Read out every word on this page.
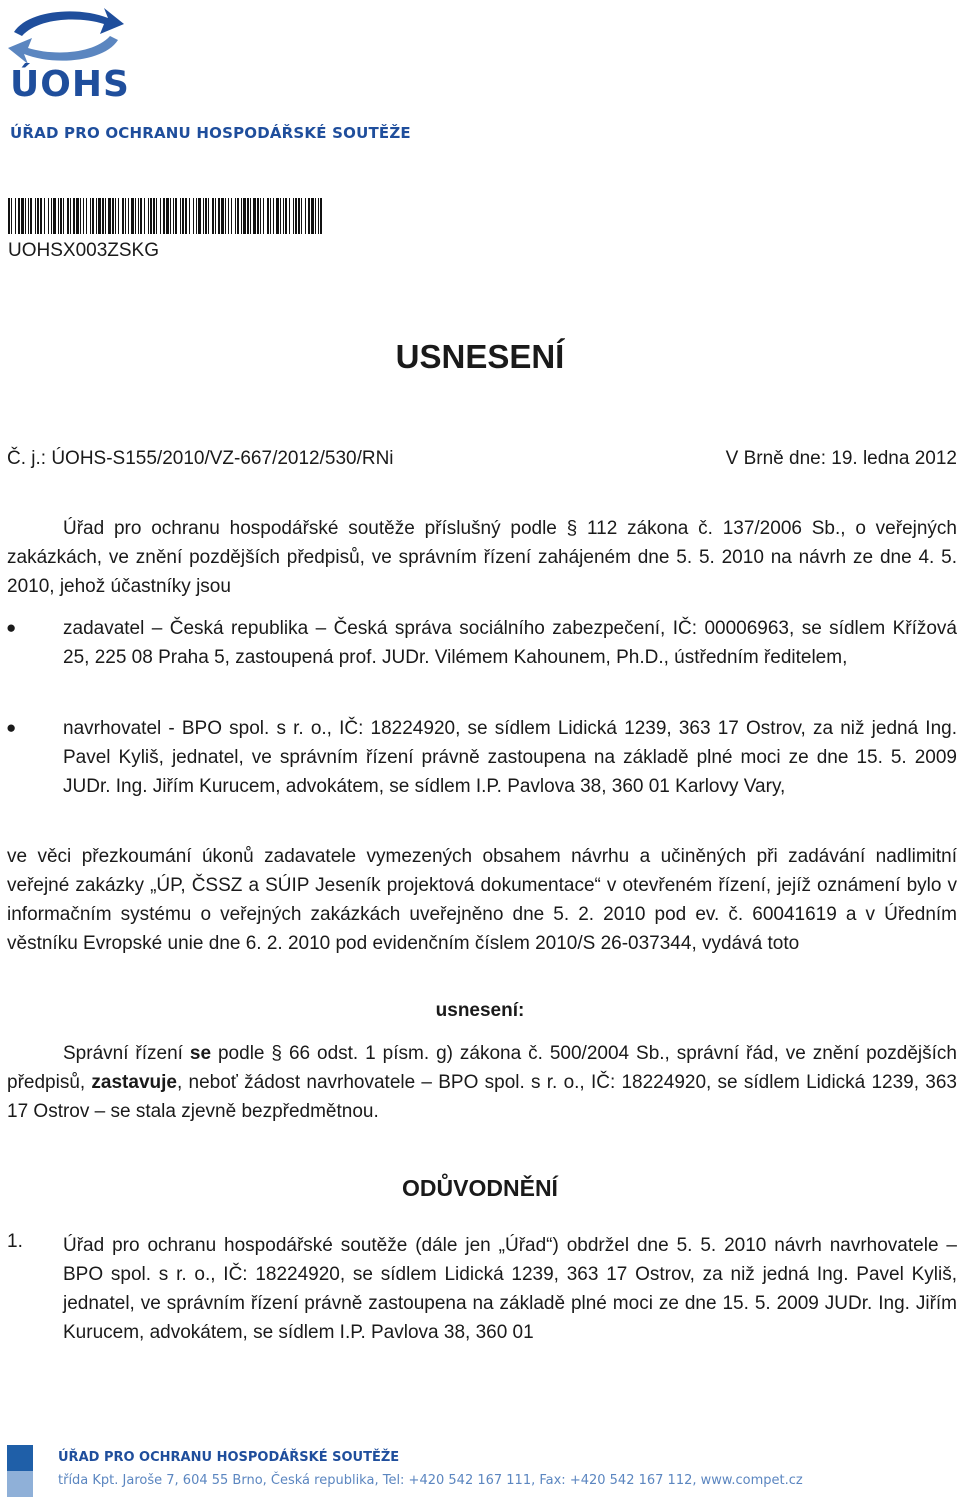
ÚOHS
ÚŘAD PRO OCHRANU HOSPODÁŘSKÉ SOUTĚŽE
UOHSX003ZSKG
USNESENÍ
Č. j.: ÚOHS-S155/2010/VZ-667/2012/530/RNi	V Brně dne: 19. ledna 2012

Úřad pro ochranu hospodářské soutěže příslušný podle § 112 zákona č. 137/2006 Sb., o veřejných zakázkách, ve znění pozdějších předpisů, ve správním řízení zahájeném dne 5. 5. 2010 na návrh ze dne 4. 5. 2010, jehož účastníky jsou

● zadavatel – Česká republika – Česká správa sociálního zabezpečení, IČ: 00006963, se sídlem Křížová 25, 225 08 Praha 5, zastoupená prof. JUDr. Vilémem Kahounem, Ph.D., ústředním ředitelem,

● navrhovatel - BPO spol. s r. o., IČ: 18224920, se sídlem Lidická 1239, 363 17 Ostrov, za niž jedná Ing. Pavel Kyliš, jednatel, ve správním řízení právně zastoupena na základě plné moci ze dne 15. 5. 2009 JUDr. Ing. Jiřím Kurucem, advokátem, se sídlem I.P. Pavlova 38, 360 01 Karlovy Vary,

ve věci přezkoumání úkonů zadavatele vymezených obsahem návrhu a učiněných při zadávání nadlimitní veřejné zakázky „ÚP, ČSSZ a SÚIP Jeseník projektová dokumentace“ v otevřeném řízení, jejíž oznámení bylo v informačním systému o veřejných zakázkách uveřejněno dne 5. 2. 2010 pod ev. č. 60041619 a v Úředním věstníku Evropské unie dne 6. 2. 2010 pod evidenčním číslem 2010/S 26-037344, vydává toto

usnesení:

Správní řízení se podle § 66 odst. 1 písm. g) zákona č. 500/2004 Sb., správní řád, ve znění pozdějších předpisů, zastavuje, neboť žádost navrhovatele – BPO spol. s r. o., IČ: 18224920, se sídlem Lidická 1239, 363 17 Ostrov – se stala zjevně bezpředmětnou.

ODŮVODNĚNÍ
1. Úřad pro ochranu hospodářské soutěže (dále jen „Úřad“) obdržel dne 5. 5. 2010 návrh navrhovatele – BPO spol. s r. o., IČ: 18224920, se sídlem Lidická 1239, 363 17 Ostrov, za niž jedná Ing. Pavel Kyliš, jednatel, ve správním řízení právně zastoupena na základě plné moci ze dne 15. 5. 2009 JUDr. Ing. Jiřím Kurucem, advokátem, se sídlem I.P. Pavlova 38, 360 01

ÚŘAD PRO OCHRANU HOSPODÁŘSKÉ SOUTĚŽE
třída Kpt. Jaroše 7, 604 55 Brno, Česká republika, Tel: +420 542 167 111, Fax: +420 542 167 112, www.compet.cz
